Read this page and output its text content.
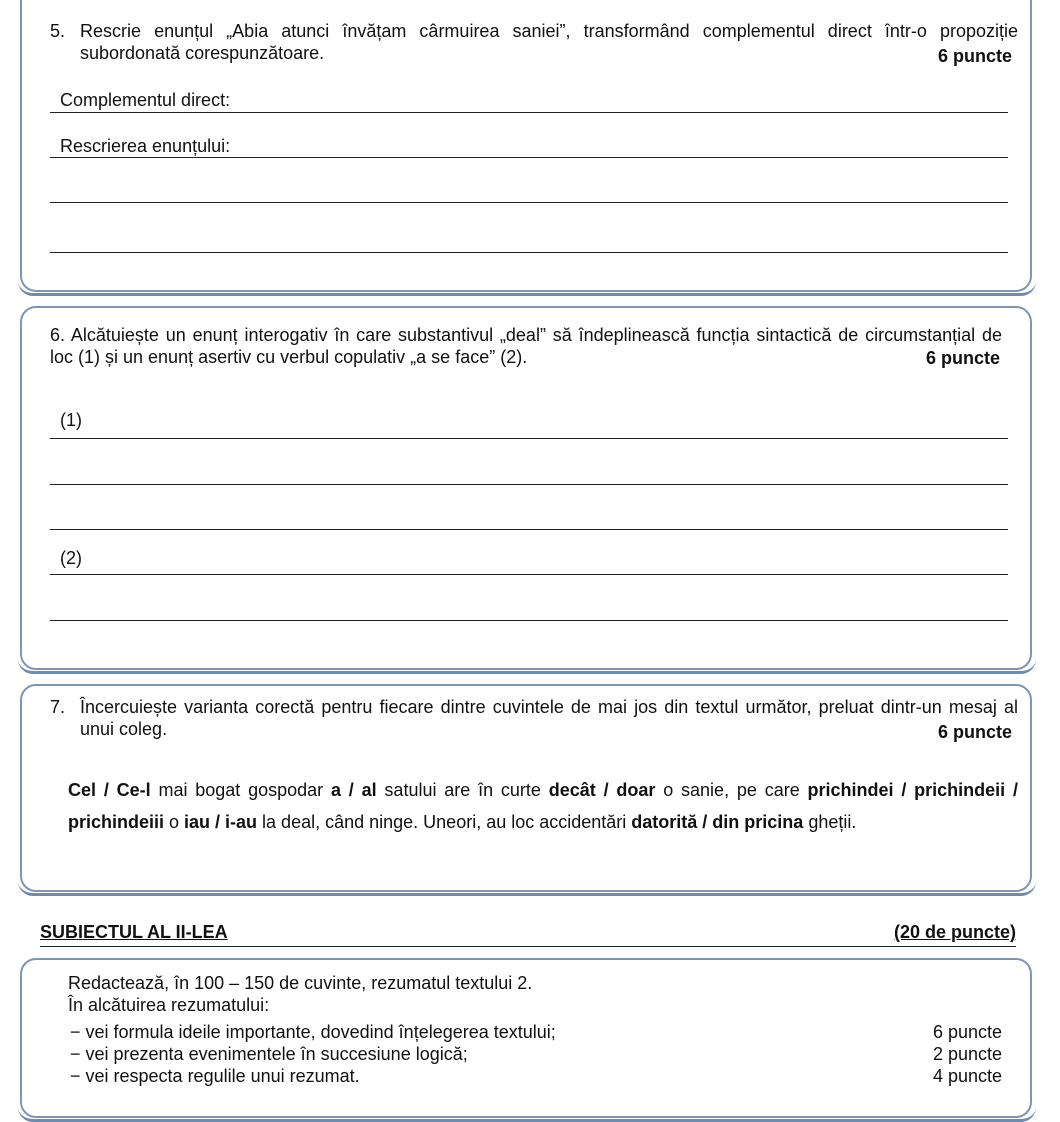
5. Rescrie enunțul „Abia atunci învățam cârmuirea saniei”, transformând complementul direct într-o propoziție subordonată corespunzătoare.	6 puncte
Complementul direct:
Rescrierea enunțului:
6. Alcătuiește un enunț interogativ în care substantivul „deal” să îndeplinească funcția sintactică de circumstanțial de loc (1) și un enunț asertiv cu verbul copulativ „a se face” (2).	6 puncte
(1)
(2)
7. Încercuiește varianta corectă pentru fiecare dintre cuvintele de mai jos din textul următor, preluat dintr-un mesaj al unui coleg.	6 puncte
Cel / Ce-l mai bogat gospodar a / al satului are în curte decât / doar o sanie, pe care prichindei / prichindeii / prichindeiii o iau / i-au la deal, când ninge. Uneori, au loc accidentări datorită / din pricina gheții.
SUBIECTUL AL II-LEA	(20 de puncte)
Redactează, în 100 – 150 de cuvinte, rezumatul textului 2.
În alcătuirea rezumatului:
− vei formula ideile importante, dovedind înțelegerea textului;	6 puncte
− vei prezenta evenimentele în succesiune logică;	2 puncte
− vei respecta regulile unui rezumat.	4 puncte
